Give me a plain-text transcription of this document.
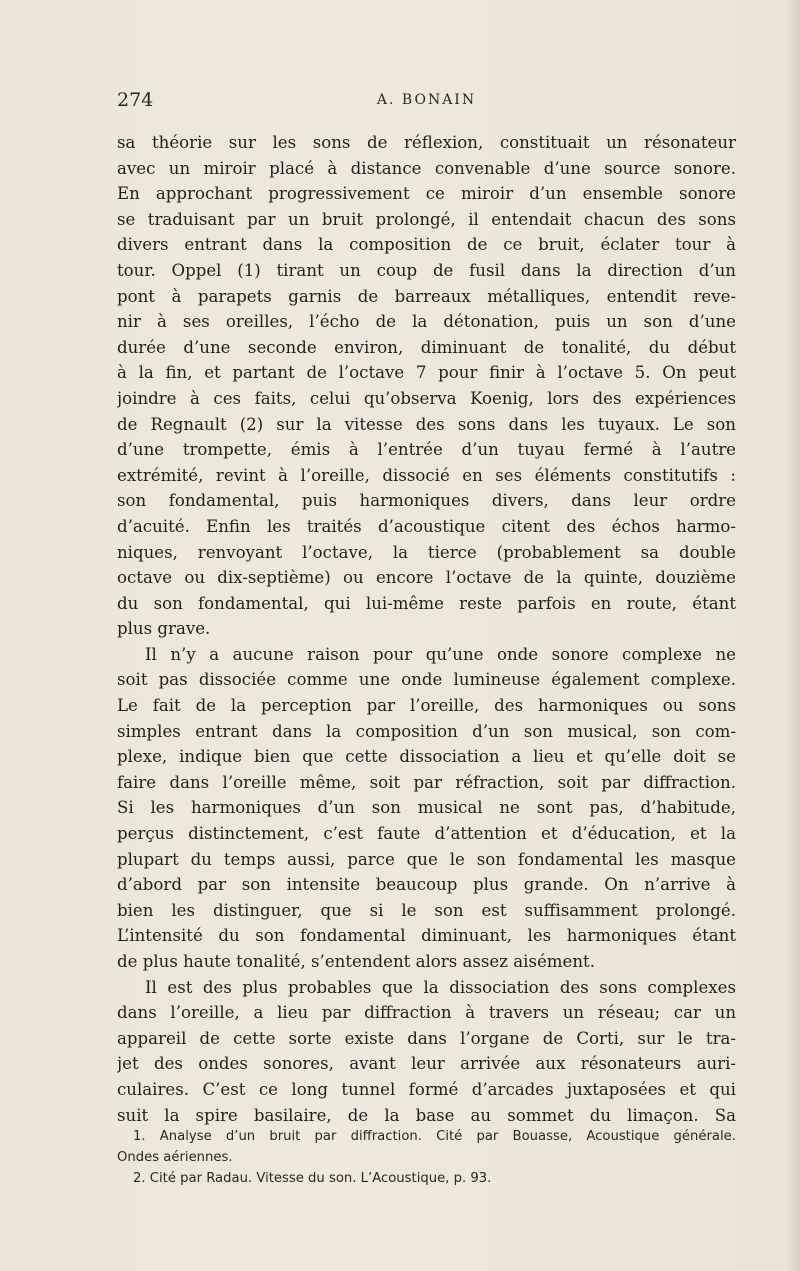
274	A. BONAIN
sa théorie sur les sons de réflexion, constituait un résonateur
avec un miroir placé à distance convenable d’une source sonore.
En approchant progressivement ce miroir d’un ensemble sonore
se traduisant par un bruit prolongé, il entendait chacun des sons
divers entrant dans la composition de ce bruit, éclater tour à
tour. Oppel (1) tirant un coup de fusil dans la direction d’un
pont à parapets garnis de barreaux métalliques, entendit reve-
nir à ses oreilles, l’écho de la détonation, puis un son d’une
durée d’une seconde environ, diminuant de tonalité, du début
à la fin, et partant de l’octave 7 pour finir à l’octave 5. On peut
joindre à ces faits, celui qu’observa Koenig, lors des expériences
de Regnault (2) sur la vitesse des sons dans les tuyaux. Le son
d’une trompette, émis à l’entrée d’un tuyau fermé à l’autre
extrémité, revint à l’oreille, dissocié en ses éléments constitutifs :
son fondamental, puis harmoniques divers, dans leur ordre
d’acuité. Enfin les traités d’acoustique citent des échos harmo-
niques, renvoyant l’octave, la tierce (probablement sa double
octave ou dix-septième) ou encore l’octave de la quinte, douzième
du son fondamental, qui lui-même reste parfois en route, étant
plus grave.
Il n’y a aucune raison pour qu’une onde sonore complexe ne
soit pas dissociée comme une onde lumineuse également complexe.
Le fait de la perception par l’oreille, des harmoniques ou sons
simples entrant dans la composition d’un son musical, son com-
plexe, indique bien que cette dissociation a lieu et qu’elle doit se
faire dans l’oreille même, soit par réfraction, soit par diffraction.
Si les harmoniques d’un son musical ne sont pas, d’habitude,
perçus distinctement, c’est faute d’attention et d’éducation, et la
plupart du temps aussi, parce que le son fondamental les masque
d’abord par son intensite beaucoup plus grande. On n’arrive à
bien les distinguer, que si le son est suffisamment prolongé.
L’intensité du son fondamental diminuant, les harmoniques étant
de plus haute tonalité, s’entendent alors assez aisément.
Il est des plus probables que la dissociation des sons complexes
dans l’oreille, a lieu par diffraction à travers un réseau; car un
appareil de cette sorte existe dans l’organe de Corti, sur le tra-
jet des ondes sonores, avant leur arrivée aux résonateurs auri-
culaires. C’est ce long tunnel formé d’arcades juxtaposées et qui
suit la spire basilaire, de la base au sommet du limaçon. Sa
1. Analyse d’un bruit par diffraction. Cité par Bouasse, Acoustique générale.
Ondes aériennes.
2. Cité par Radau. Vitesse du son. L’Acoustique, p. 93.
